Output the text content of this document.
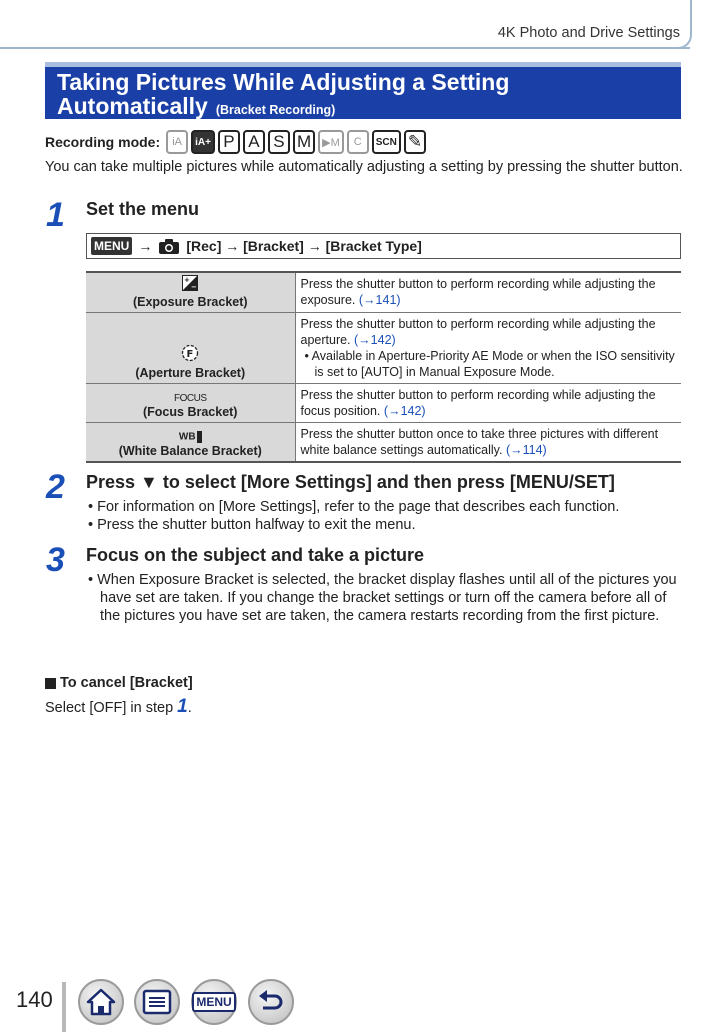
4K Photo and Drive Settings
Taking Pictures While Adjusting a Setting
Automatically (Bracket Recording)
Recording mode:	iA	iA+ P A S M	▶M	C	SCN ✎
You can take multiple pictures while automatically adjusting a setting by pressing the shutter button.
1 Set the menu
MENU → [Rec] → [Bracket] → [Bracket Type]
+
−
(Exposure Bracket)	Press the shutter button to perform recording while adjusting the exposure. (→141)

F
(Aperture Bracket)	Press the shutter button to perform recording while adjusting the aperture. (→142)
• Available in Aperture-Priority AE Mode or when the ISO sensitivity is set to [AUTO] in Manual Exposure Mode.

FOCUS
(Focus Bracket)	Press the shutter button to perform recording while adjusting the focus position. (→142)

WB
(White Balance Bracket)	Press the shutter button once to take three pictures with different white balance settings automatically. (→114)
2 Press ▼ to select [More Settings] and then press [MENU/SET]

• For information on [More Settings], refer to the page that describes each function.

• Press the shutter button halfway to exit the menu.

3 Focus on the subject and take a picture

• When Exposure Bracket is selected, the bracket display flashes until all of the pictures you have set are taken. If you change the bracket settings or turn off the camera before all of the pictures you have set are taken, the camera restarts recording from the first picture.

To cancel [Bracket]
Select [OFF] in step 1.
140	MENU
